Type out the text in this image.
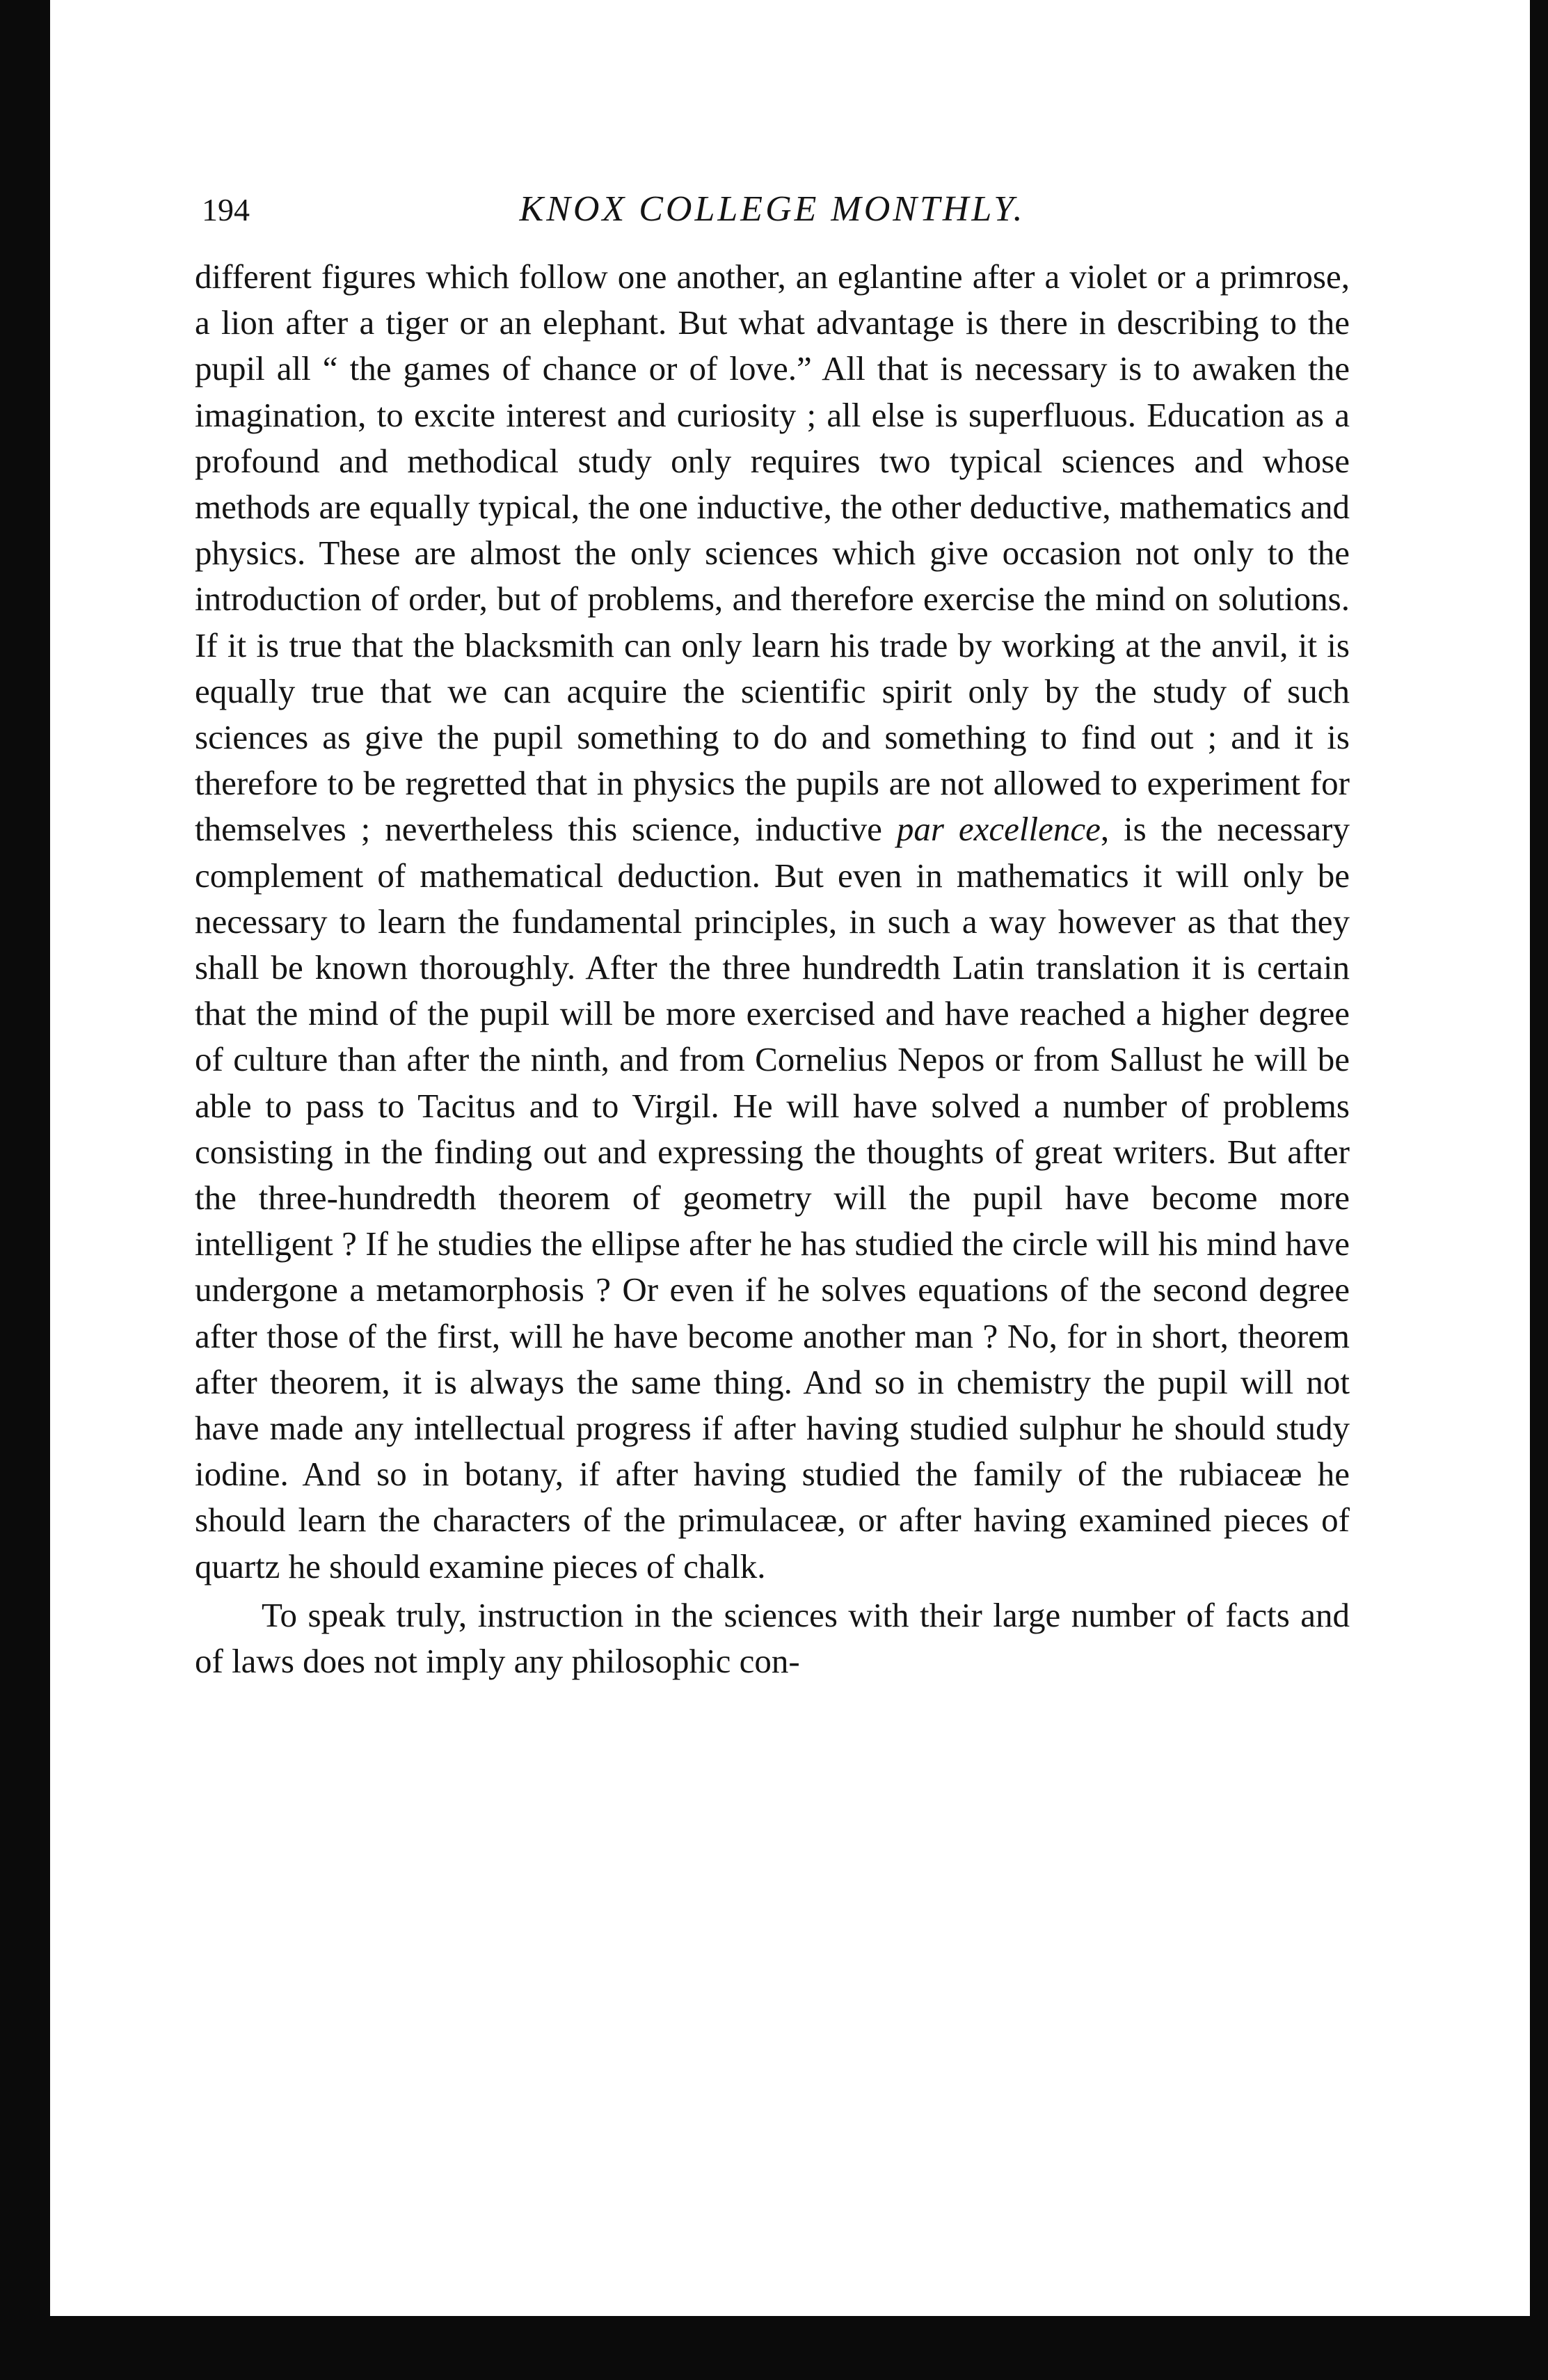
194	KNOX COLLEGE MONTHLY.

different figures which follow one another, an eglantine after a violet or a primrose, a lion after a tiger or an elephant. But what advantage is there in describing to the pupil all “ the games of chance or of love.” All that is necessary is to awaken the imagination, to excite interest and curiosity ; all else is superfluous. Education as a profound and methodical study only requires two typical sciences and whose methods are equally typical, the one inductive, the other deductive, mathematics and physics. These are almost the only sciences which give occasion not only to the introduction of order, but of problems, and therefore exercise the mind on solutions. If it is true that the blacksmith can only learn his trade by working at the anvil, it is equally true that we can acquire the scientific spirit only by the study of such sciences as give the pupil something to do and something to find out ; and it is therefore to be regretted that in physics the pupils are not allowed to experiment for themselves ; nevertheless this science, inductive par excellence, is the necessary complement of mathematical deduction. But even in mathematics it will only be necessary to learn the fundamental principles, in such a way however as that they shall be known thoroughly. After the three hundredth Latin translation it is certain that the mind of the pupil will be more exercised and have reached a higher degree of culture than after the ninth, and from Cornelius Nepos or from Sallust he will be able to pass to Tacitus and to Virgil. He will have solved a number of problems consisting in the finding out and expressing the thoughts of great writers. But after the three-hundredth theorem of geometry will the pupil have become more intelligent ? If he studies the ellipse after he has studied the circle will his mind have undergone a metamorphosis ? Or even if he solves equations of the second degree after those of the first, will he have become another man ? No, for in short, theorem after theorem, it is always the same thing. And so in chemistry the pupil will not have made any intellectual progress if after having studied sulphur he should study iodine. And so in botany, if after having studied the family of the rubiaceæ he should learn the characters of the primulaceæ, or after having examined pieces of quartz he should examine pieces of chalk.

To speak truly, instruction in the sciences with their large number of facts and of laws does not imply any philosophic con-
